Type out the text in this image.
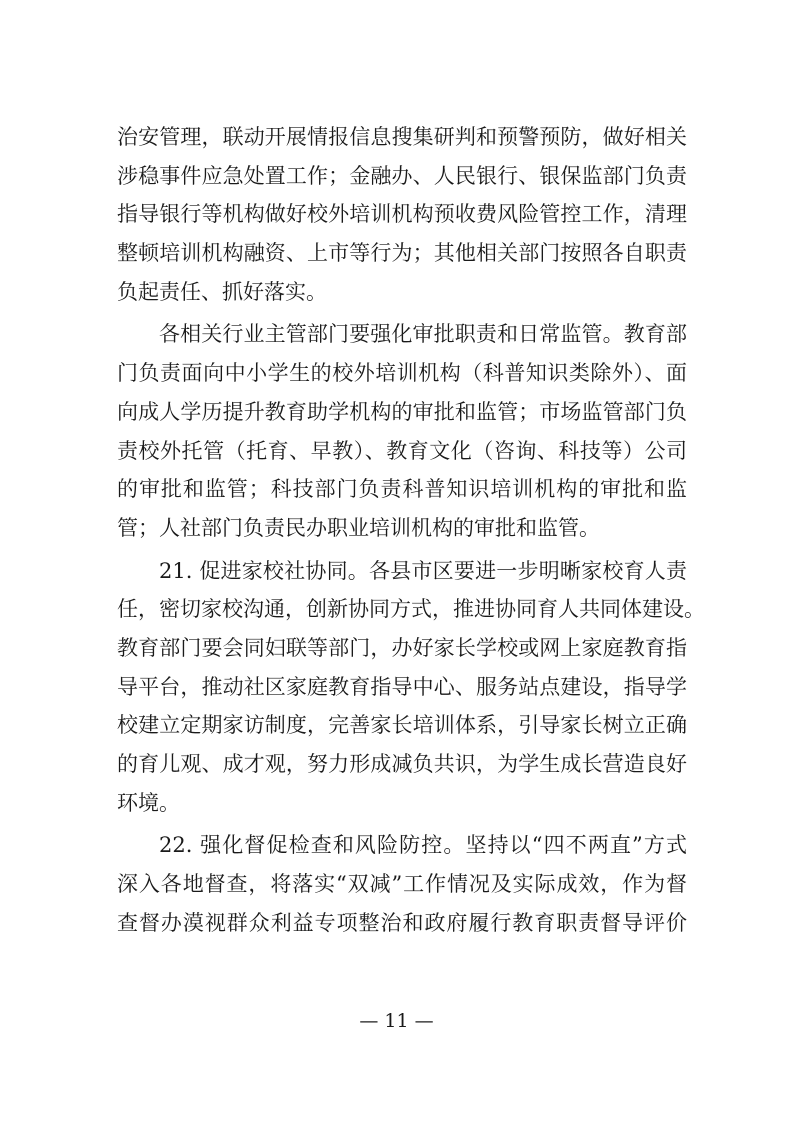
治安管理，联动开展情报信息搜集研判和预警预防，做好相关
涉稳事件应急处置工作；金融办、人民银行、银保监部门负责
指导银行等机构做好校外培训机构预收费风险管控工作，清理
整顿培训机构融资、上市等行为；其他相关部门按照各自职责
负起责任、抓好落实。
各相关行业主管部门要强化审批职责和日常监管。教育部
门负责面向中小学生的校外培训机构（科普知识类除外）、面
向成人学历提升教育助学机构的审批和监管；市场监管部门负
责校外托管（托育、早教）、教育文化（咨询、科技等）公司
的审批和监管；科技部门负责科普知识培训机构的审批和监
管；人社部门负责民办职业培训机构的审批和监管。
21. 促进家校社协同。各县市区要进一步明晰家校育人责
任，密切家校沟通，创新协同方式，推进协同育人共同体建设。
教育部门要会同妇联等部门，办好家长学校或网上家庭教育指
导平台，推动社区家庭教育指导中心、服务站点建设，指导学
校建立定期家访制度，完善家长培训体系，引导家长树立正确
的育儿观、成才观，努力形成减负共识，为学生成长营造良好
环境。
22. 强化督促检查和风险防控。坚持以“四不两直”方式
深入各地督查，将落实“双减”工作情况及实际成效，作为督
查督办漠视群众利益专项整治和政府履行教育职责督导评价
— 11 —
